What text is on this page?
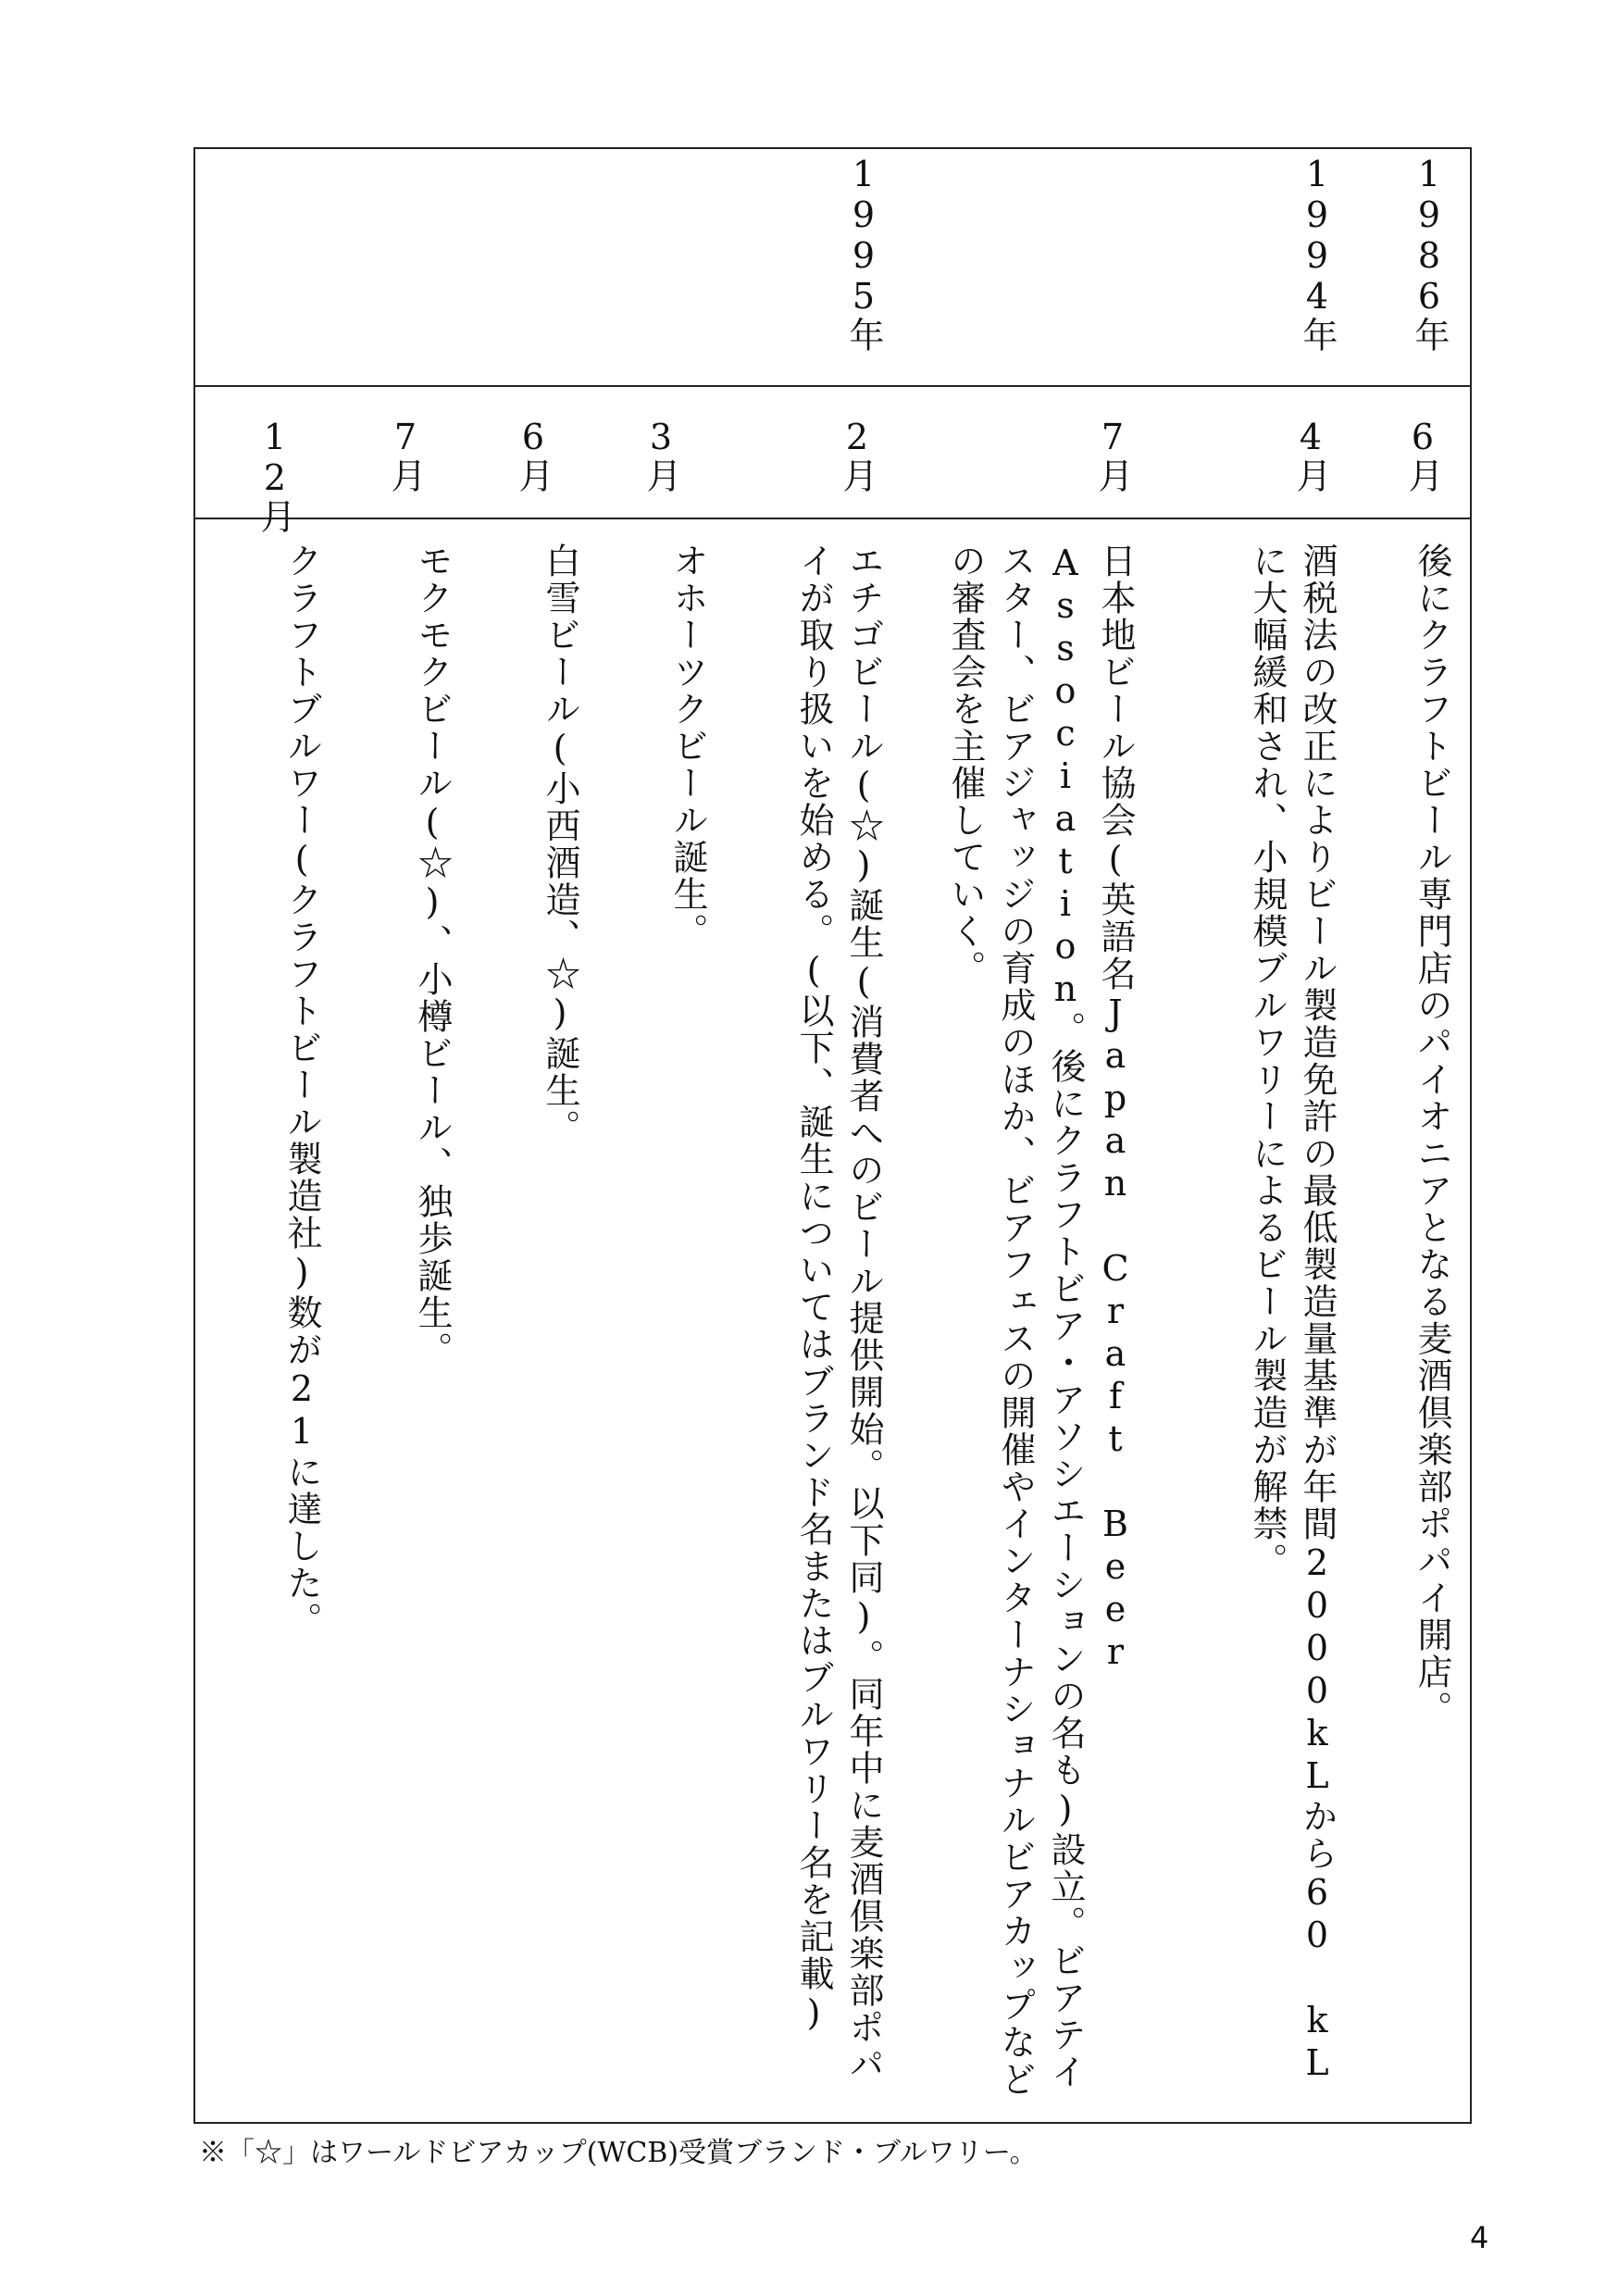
1986年
1994年
1995年
6月
4月
7月
2月
3月
6月
7月
12月
後にクラフトビール専門店のパイオニアとなる麦酒倶楽部ポパイ開店。
酒税法の改正によりビール製造免許の最低製造量基準が年間2000kLから60 kLに大幅緩和され、小規模ブルワリーによるビール製造が解禁。
日本地ビール協会(英語名Japan Craft Beer Association。後にクラフトビア・アソシエーションの名も)設立。ビアテイスター、ビアジャッジの育成のほか、ビアフェスの開催やインターナショナルビアカップなどの審査会を主催していく。
エチゴビール(☆)誕生(消費者へのビール提供開始。以下同)。同年中に麦酒倶楽部ポパイが取り扱いを始める。(以下、誕生についてはブランド名またはブルワリー名を記載)
オホーツクビール誕生。
白雪ビール(小西酒造、☆)誕生。
モクモクビール(☆)、小樽ビール、独歩誕生。
クラフトブルワー(クラフトビール製造社)数が21に達した。
※「☆」はワールドビアカップ(WCB)受賞ブランド・ブルワリー。
4
